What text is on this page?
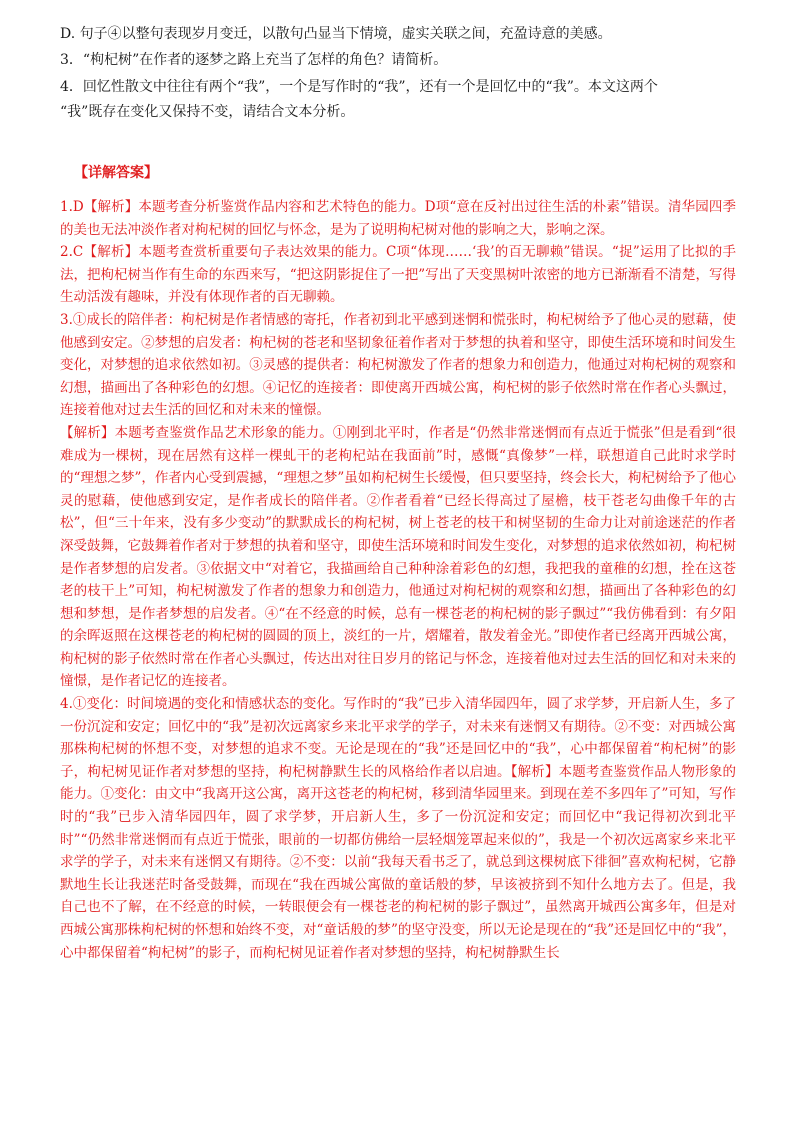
D. 句子④以整句表现岁月变迁，以散句凸显当下情境，虚实关联之间，充盈诗意的美感。
3．“枸杞树”在作者的逐梦之路上充当了怎样的角色？请简析。
4．回忆性散文中往往有两个“我”，一个是写作时的“我”，还有一个是回忆中的“我”。本文这两个
“我”既存在变化又保持不变，请结合文本分析。
【详解答案】

1.D【解析】本题考查分析鉴赏作品内容和艺术特色的能力。D项“意在反衬出过往生活的朴素”错误。清华园四季的美也无法冲淡作者对枸杞树的回忆与怀念，是为了说明枸杞树对他的影响之大，影响之深。

2.C【解析】本题考查赏析重要句子表达效果的能力。C项“体现……‘我’的百无聊赖”错误。“捉”运用了比拟的手法，把枸杞树当作有生命的东西来写，“把这阴影捉住了一把”写出了天变黑树叶浓密的地方已渐渐看不清楚，写得生动活泼有趣味，并没有体现作者的百无聊赖。

3.①成长的陪伴者：枸杞树是作者情感的寄托，作者初到北平感到迷惘和慌张时，枸杞树给予了他心灵的慰藉，使他感到安定。②梦想的启发者：枸杞树的苍老和坚韧象征着作者对于梦想的执着和坚守，即使生活环境和时间发生变化，对梦想的追求依然如初。③灵感的提供者：枸杞树激发了作者的想象力和创造力，他通过对枸杞树的观察和幻想，描画出了各种彩色的幻想。④记忆的连接者：即使离开西城公寓，枸杞树的影子依然时常在作者心头飘过，连接着他对过去生活的回忆和对未来的憧憬。

【解析】本题考查鉴赏作品艺术形象的能力。①刚到北平时，作者是“仍然非常迷惘而有点近于慌张”但是看到“很难成为一棵树，现在居然有这样一棵虬干的老枸杞站在我面前”时，感慨“真像梦”一样，联想道自己此时求学时的“理想之梦”，作者内心受到震撼，“理想之梦”虽如枸杞树生长缓慢，但只要坚持，终会长大，枸杞树给予了他心灵的慰藉，使他感到安定，是作者成长的陪伴者。②作者看着“已经长得高过了屋檐，枝干苍老勾曲像千年的古松”，但“三十年来，没有多少变动”的默默成长的枸杞树，树上苍老的枝干和树坚韧的生命力让对前途迷茫的作者深受鼓舞，它鼓舞着作者对于梦想的执着和坚守，即使生活环境和时间发生变化，对梦想的追求依然如初，枸杞树是作者梦想的启发者。③依据文中“对着它，我描画给自己种种涂着彩色的幻想，我把我的童稚的幻想，拴在这苍老的枝干上”可知，枸杞树激发了作者的想象力和创造力，他通过对枸杞树的观察和幻想，描画出了各种彩色的幻想和梦想，是作者梦想的启发者。④“在不经意的时候，总有一棵苍老的枸杞树的影子飘过”“我仿佛看到：有夕阳的余晖返照在这棵苍老的枸杞树的圆圆的顶上，淡红的一片，熠耀着，散发着金光。”即使作者已经离开西城公寓，枸杞树的影子依然时常在作者心头飘过，传达出对往日岁月的铭记与怀念，连接着他对过去生活的回忆和对未来的憧憬，是作者记忆的连接者。

4.①变化：时间境遇的变化和情感状态的变化。写作时的“我”已步入清华园四年，圆了求学梦，开启新人生，多了一份沉淀和安定；回忆中的“我”是初次远离家乡来北平求学的学子，对未来有迷惘又有期待。②不变：对西城公寓那株枸杞树的怀想不变，对梦想的追求不变。无论是现在的“我”还是回忆中的“我”，心中都保留着“枸杞树”的影子，枸杞树见证作者对梦想的坚持，枸杞树静默生长的风格给作者以启迪。【解析】本题考查鉴赏作品人物形象的能力。①变化：由文中“我离开这公寓，离开这苍老的枸杞树，移到清华园里来。到现在差不多四年了”可知，写作时的“我”已步入清华园四年，圆了求学梦，开启新人生，多了一份沉淀和安定；而回忆中“我记得初次到北平时”“仍然非常迷惘而有点近于慌张，眼前的一切都仿佛给一层轻烟笼罩起来似的”，我是一个初次远离家乡来北平求学的学子，对未来有迷惘又有期待。②不变：以前“我每天看书乏了，就总到这棵树底下徘徊”喜欢枸杞树，它静默地生长让我迷茫时备受鼓舞，而现在“我在西城公寓做的童话般的梦，早该被挤到不知什么地方去了。但是，我自己也不了解，在不经意的时候，一转眼便会有一棵苍老的枸杞树的影子飘过”，虽然离开城西公寓多年，但是对西城公寓那株枸杞树的怀想和始终不变，对“童话般的梦”的坚守没变，所以无论是现在的“我”还是回忆中的“我”，心中都保留着“枸杞树”的影子，而枸杞树见证着作者对梦想的坚持，枸杞树静默生长
